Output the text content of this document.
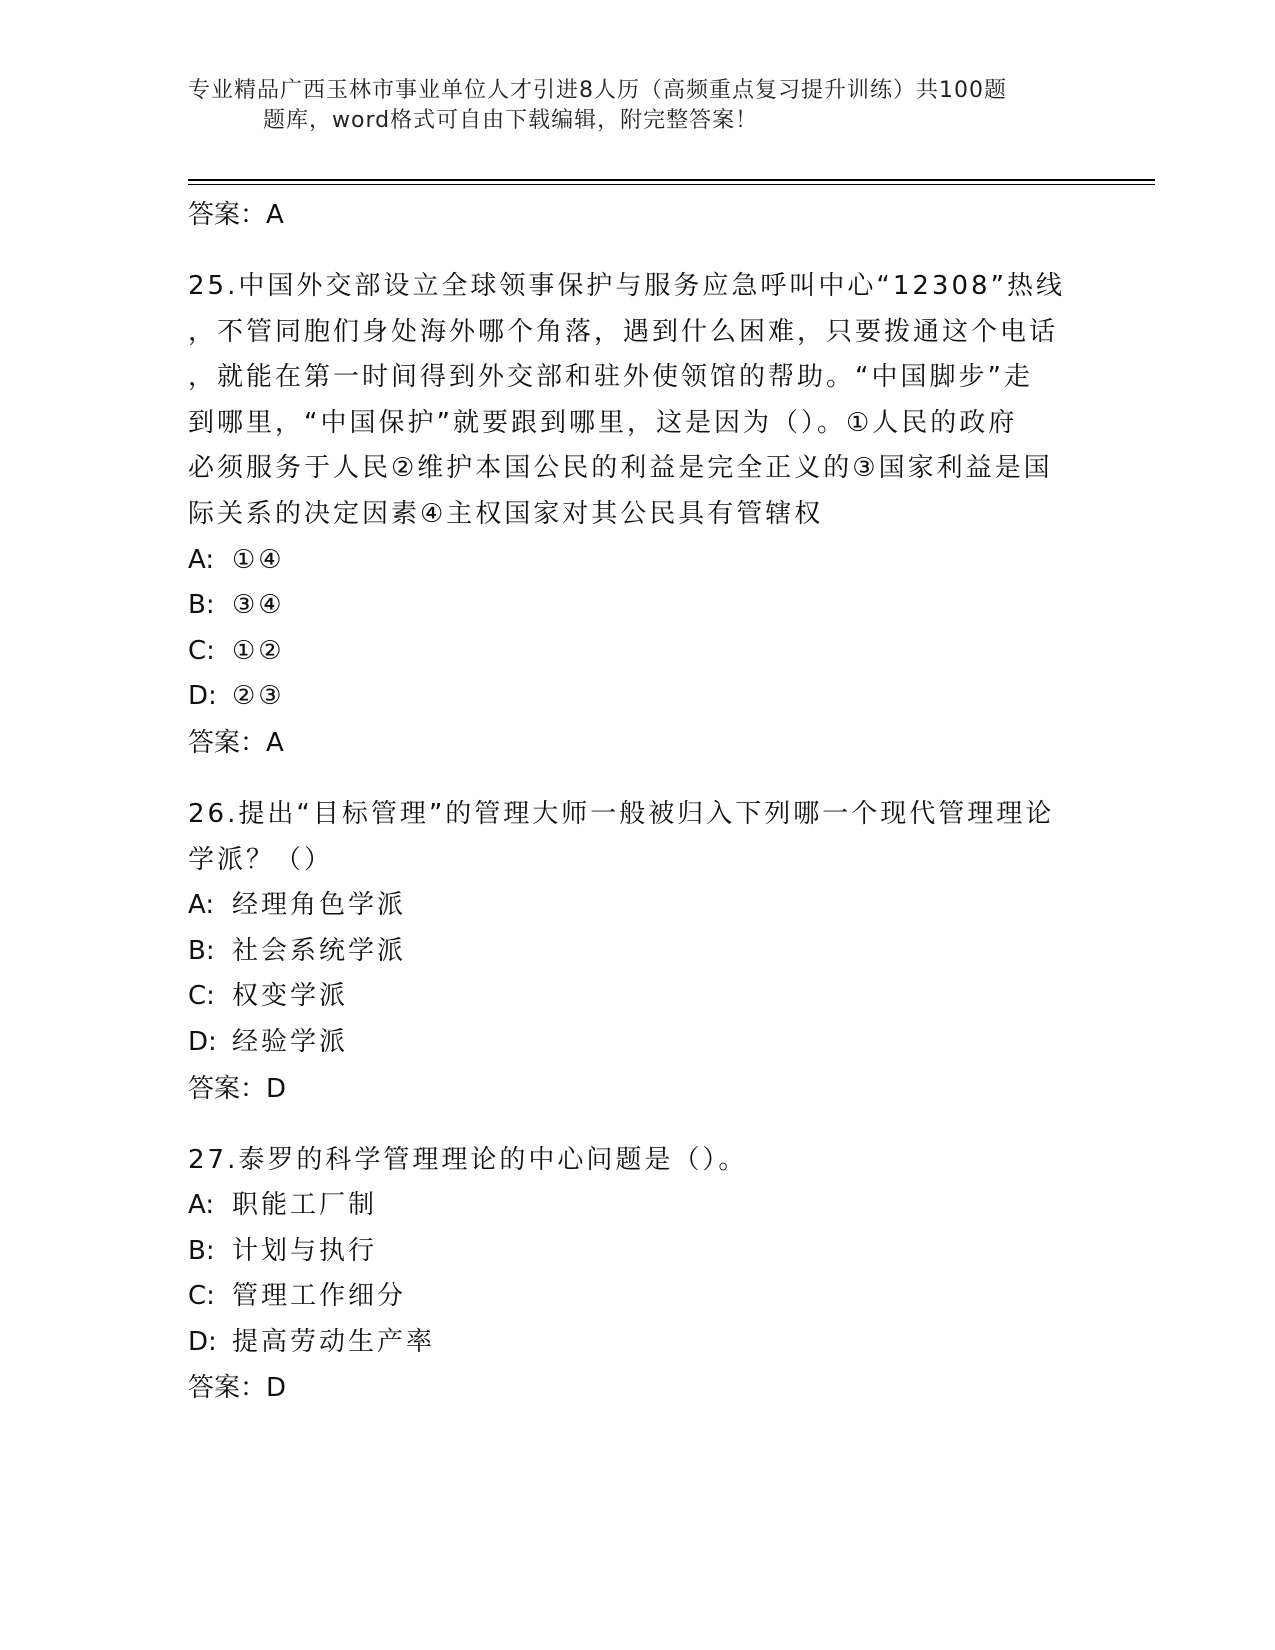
专业精品广西玉林市事业单位人才引进8人历（高频重点复习提升训练）共100题
题库，word格式可自由下载编辑，附完整答案！
答案：A
25.中国外交部设立全球领事保护与服务应急呼叫中心“12308”热线
，不管同胞们身处海外哪个角落，遇到什么困难，只要拨通这个电话
，就能在第一时间得到外交部和驻外使领馆的帮助。“中国脚步”走
到哪里，“中国保护”就要跟到哪里，这是因为（）。①人民的政府
必须服务于人民②维护本国公民的利益是完全正义的③国家利益是国
际关系的决定因素④主权国家对其公民具有管辖权
A: ①④
B: ③④
C: ①②
D: ②③
答案：A
26.提出“目标管理”的管理大师一般被归入下列哪一个现代管理理论
学派？（）
A: 经理角色学派
B: 社会系统学派
C: 权变学派
D: 经验学派
答案：D
27.泰罗的科学管理理论的中心问题是（）。
A: 职能工厂制
B: 计划与执行
C: 管理工作细分
D: 提高劳动生产率
答案：D
